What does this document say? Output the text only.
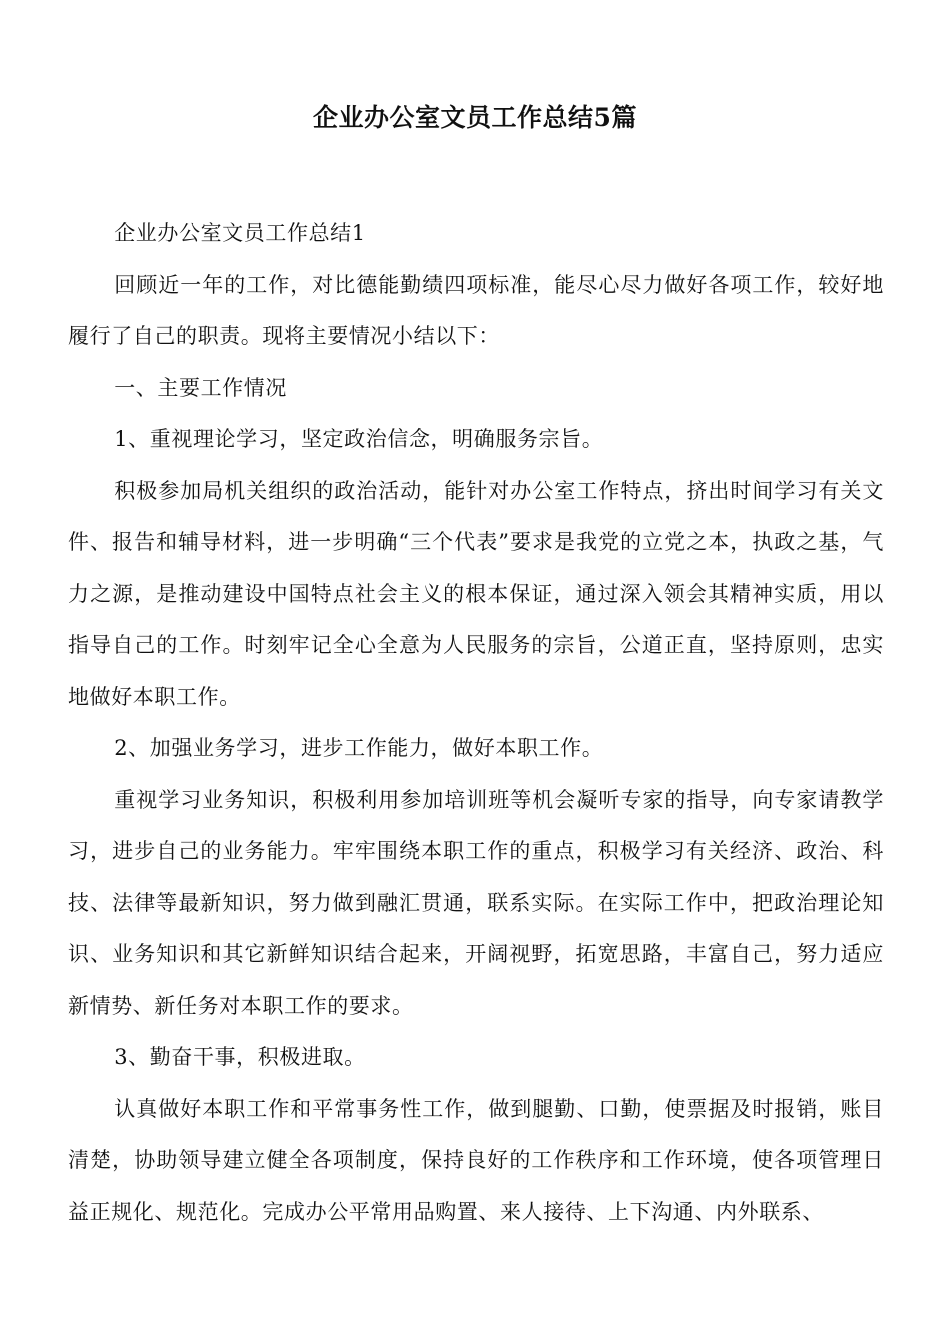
企业办公室文员工作总结5篇

企业办公室文员工作总结1

回顾近一年的工作，对比德能勤绩四项标准，能尽心尽力做好各项工作，较好地履行了自己的职责。现将主要情况小结以下：

一、主要工作情况

1、重视理论学习，坚定政治信念，明确服务宗旨。

积极参加局机关组织的政治活动，能针对办公室工作特点，挤出时间学习有关文件、报告和辅导材料，进一步明确“三个代表”要求是我党的立党之本，执政之基，气力之源，是推动建设中国特点社会主义的根本保证，通过深入领会其精神实质，用以指导自己的工作。时刻牢记全心全意为人民服务的宗旨，公道正直，坚持原则，忠实地做好本职工作。

2、加强业务学习，进步工作能力，做好本职工作。

重视学习业务知识，积极利用参加培训班等机会凝听专家的指导，向专家请教学习，进步自己的业务能力。牢牢围绕本职工作的重点，积极学习有关经济、政治、科技、法律等最新知识，努力做到融汇贯通，联系实际。在实际工作中，把政治理论知识、业务知识和其它新鲜知识结合起来，开阔视野，拓宽思路，丰富自己，努力适应新情势、新任务对本职工作的要求。

3、勤奋干事，积极进取。

认真做好本职工作和平常事务性工作，做到腿勤、口勤，使票据及时报销，账目清楚，协助领导建立健全各项制度，保持良好的工作秩序和工作环境，使各项管理日益正规化、规范化。完成办公平常用品购置、来人接待、上下沟通、内外联系、
